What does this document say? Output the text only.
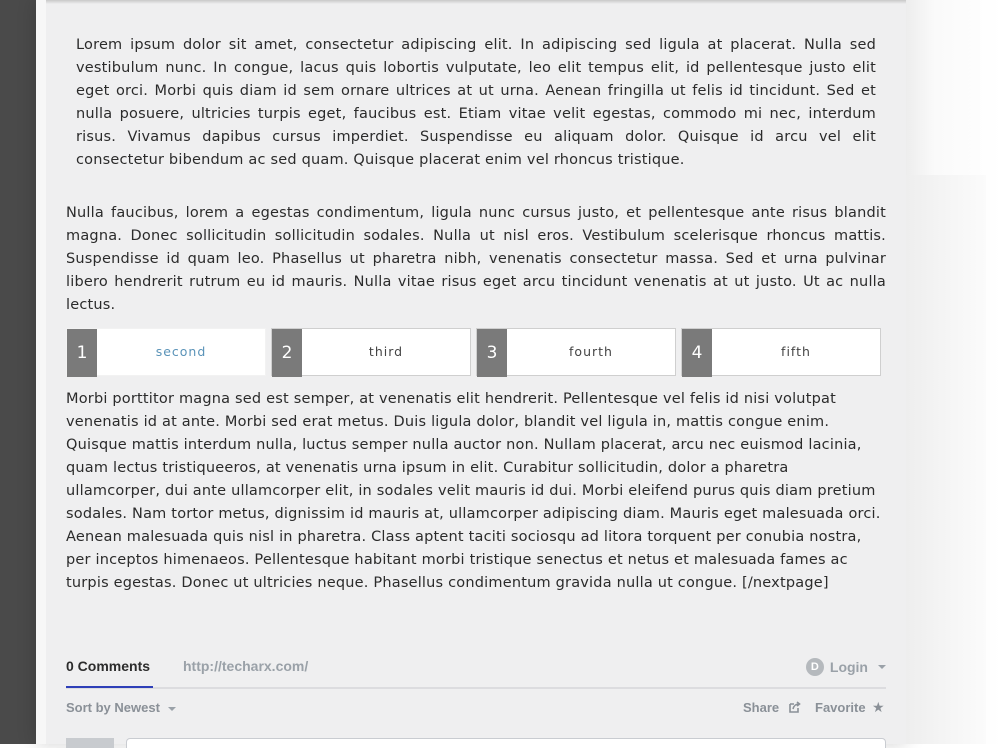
Lorem ipsum dolor sit amet, consectetur adipiscing elit. In adipiscing sed ligula at placerat. Nulla sed vestibulum nunc. In congue, lacus quis lobortis vulputate, leo elit tempus elit, id pellentesque justo elit eget orci. Morbi quis diam id sem ornare ultrices at ut urna. Aenean fringilla ut felis id tincidunt. Sed et nulla posuere, ultricies turpis eget, faucibus est. Etiam vitae velit egestas, commodo mi nec, interdum risus. Vivamus dapibus cursus imperdiet. Suspendisse eu aliquam dolor. Quisque id arcu vel elit consectetur bibendum ac sed quam. Quisque placerat enim vel rhoncus tristique.

Nulla faucibus, lorem a egestas condimentum, ligula nunc cursus justo, et pellentesque ante risus blandit magna. Donec sollicitudin sollicitudin sodales. Nulla ut nisl eros. Vestibulum scelerisque rhoncus mattis. Suspendisse id quam leo. Phasellus ut pharetra nibh, venenatis consectetur massa. Sed et urna pulvinar libero hendrerit rutrum eu id mauris. Nulla vitae risus eget arcu tincidunt venenatis at ut justo. Ut ac nulla lectus.

1	second	2	third	3	fourth	4	fifth

Morbi porttitor magna sed est semper, at venenatis elit hendrerit. Pellentesque vel felis id nisi volutpat venenatis id at ante. Morbi sed erat metus. Duis ligula dolor, blandit vel ligula in, mattis congue enim. Quisque mattis interdum nulla, luctus semper nulla auctor non. Nullam placerat, arcu nec euismod lacinia, quam lectus tristiqueeros, at venenatis urna ipsum in elit. Curabitur sollicitudin, dolor a pharetra ullamcorper, dui ante ullamcorper elit, in sodales velit mauris id dui. Morbi eleifend purus quis diam pretium sodales. Nam tortor metus, dignissim id mauris at, ullamcorper adipiscing diam. Mauris eget malesuada orci. Aenean malesuada quis nisl in pharetra. Class aptent taciti sociosqu ad litora torquent per conubia nostra, per inceptos himenaeos. Pellentesque habitant morbi tristique senectus et netus et malesuada fames ac turpis egestas. Donec ut ultricies neque. Phasellus condimentum gravida nulla ut congue. [/nextpage]

0 Comments http://techarx.com/	D Login
Sort by Newest	Share	Favorite ★
